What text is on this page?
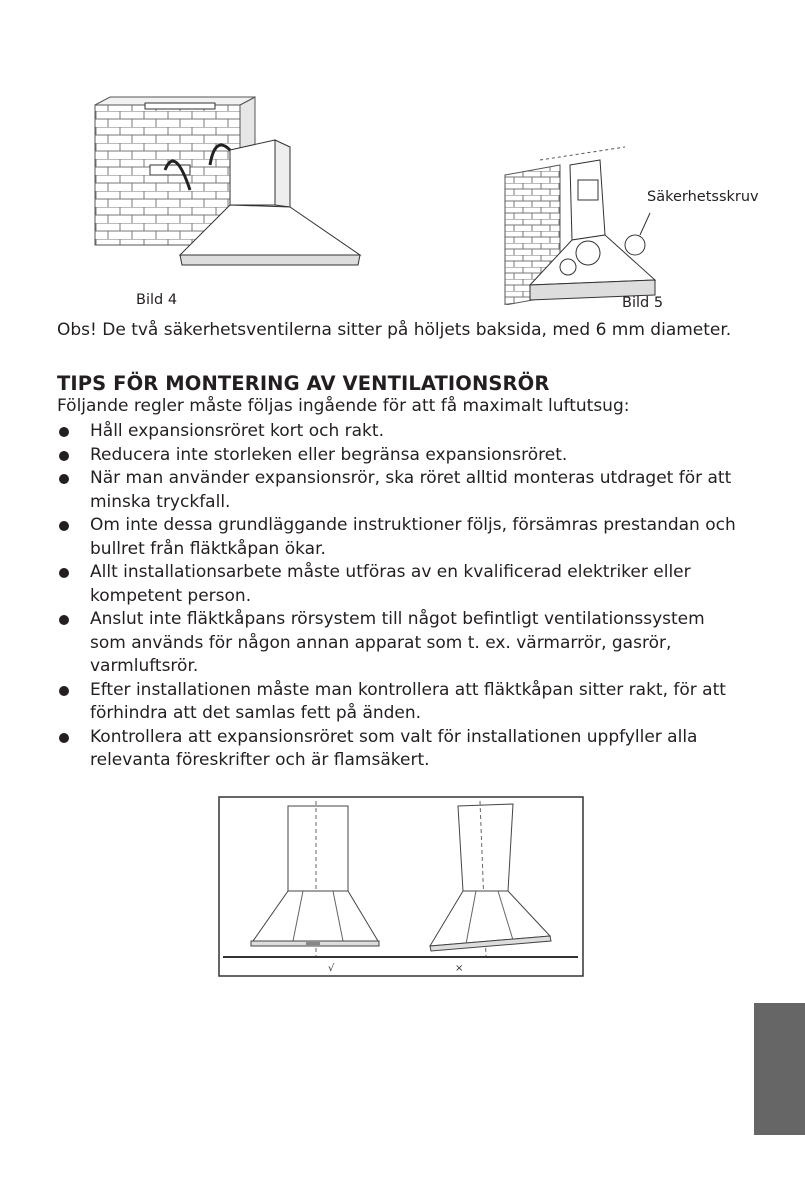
Bild 4
Säkerhetsskruv
Bild 5
Obs! De två säkerhetsventilerna sitter på höljets baksida, med 6 mm diameter.
TIPS FÖR MONTERING AV VENTILATIONSRÖR
Följande regler måste följas ingående för att få maximalt luftutsug:
Håll expansionsröret kort och rakt.
Reducera inte storleken eller begränsa expansionsröret.
När man använder expansionsrör, ska röret alltid monteras utdraget för att
minska tryckfall.
Om inte dessa grundläggande instruktioner följs, försämras prestandan och
bullret från fläktkåpan ökar.
Allt installationsarbete måste utföras av en kvalificerad elektriker eller
kompetent person.
Anslut inte fläktkåpans rörsystem till något befintligt ventilationssystem
som används för någon annan apparat som t. ex. värmarrör, gasrör,
varmluftsrör.
Efter installationen måste man kontrollera att fläktkåpan sitter rakt, för att
förhindra att det samlas fett på änden.
Kontrollera att expansionsröret som valt för installationen uppfyller alla
relevanta föreskrifter och är flamsäkert.
√	×
